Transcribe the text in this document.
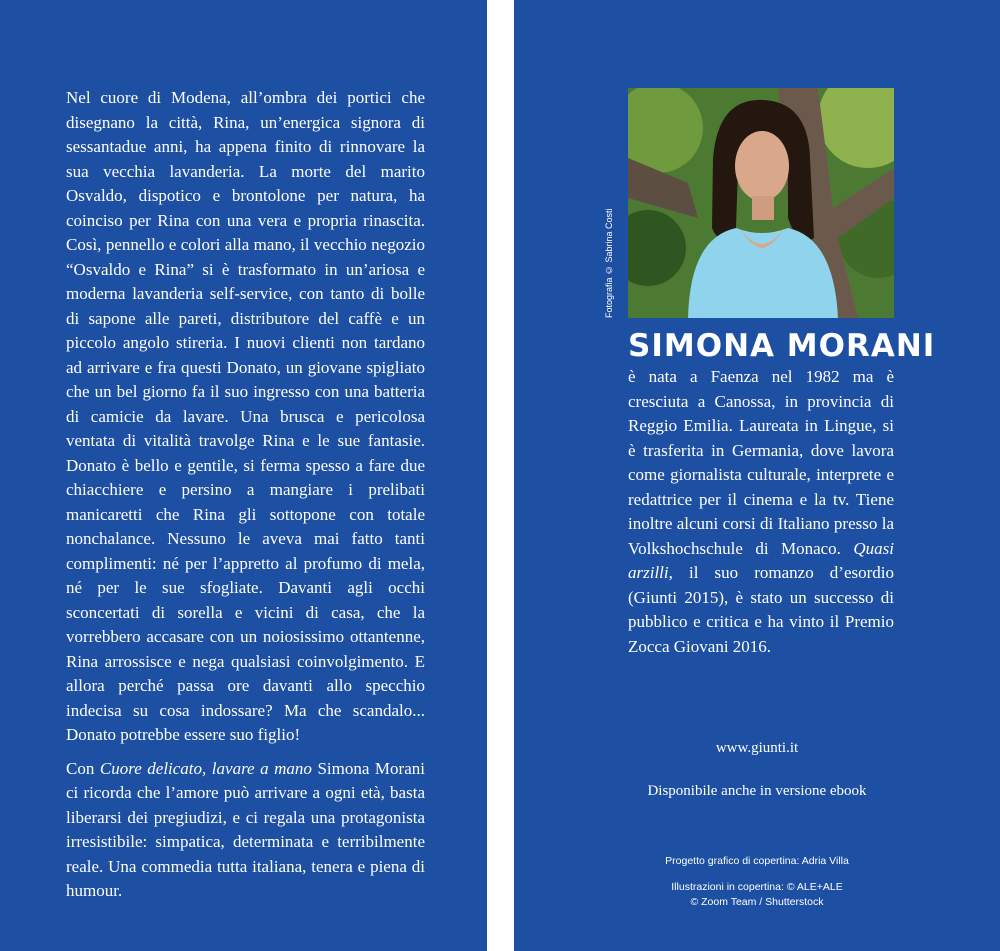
Nel cuore di Modena, all’ombra dei portici che disegnano la città, Rina, un’energica signora di sessantadue anni, ha appena finito di rinnovare la sua vecchia lavanderia. La morte del marito Osvaldo, dispotico e brontolone per natura, ha coinciso per Rina con una vera e propria rinascita. Così, pennello e colori alla mano, il vecchio negozio “Osvaldo e Rina” si è trasformato in un’ariosa e moderna lavanderia self-service, con tanto di bolle di sapone alle pareti, distributore del caffè e un piccolo angolo stireria. I nuovi clienti non tardano ad arrivare e fra questi Donato, un giovane spigliato che un bel giorno fa il suo ingresso con una batteria di camicie da lavare. Una brusca e pericolosa ventata di vitalità travolge Rina e le sue fantasie. Donato è bello e gentile, si ferma spesso a fare due chiacchiere e persino a mangiare i prelibati manicaretti che Rina gli sottopone con totale nonchalance. Nessuno le aveva mai fatto tanti complimenti: né per l’appretto al profumo di mela, né per le sue sfogliate. Davanti agli occhi sconcertati di sorella e vicini di casa, che la vorrebbero accasare con un noiosissimo ottantenne, Rina arrossisce e nega qualsiasi coinvolgimento. E allora perché passa ore davanti allo specchio indecisa su cosa indossare? Ma che scandalo... Donato potrebbe essere suo figlio!

Con Cuore delicato, lavare a mano Simona Morani ci ricorda che l’amore può arrivare a ogni età, basta liberarsi dei pregiudizi, e ci regala una protagonista irresistibile: simpatica, determinata e terribilmente reale. Una commedia tutta italiana, tenera e piena di humour.

Fotografia © Sabrina Costi
SIMONA MORANI

è nata a Faenza nel 1982 ma è cresciuta a Canossa, in provincia di Reggio Emilia. Laureata in Lingue, si è trasferita in Germania, dove lavora come giornalista culturale, interprete e redattrice per il cinema e la tv. Tiene inoltre alcuni corsi di Italiano presso la Volkshochschule di Monaco. Quasi arzilli, il suo romanzo d’esordio (Giunti 2015), è stato un successo di pubblico e critica e ha vinto il Premio Zocca Giovani 2016.

www.giunti.it
Disponibile anche in versione ebook
Progetto grafico di copertina: Adria Villa
Illustrazioni in copertina: © ALE+ALE
© Zoom Team / Shutterstock
